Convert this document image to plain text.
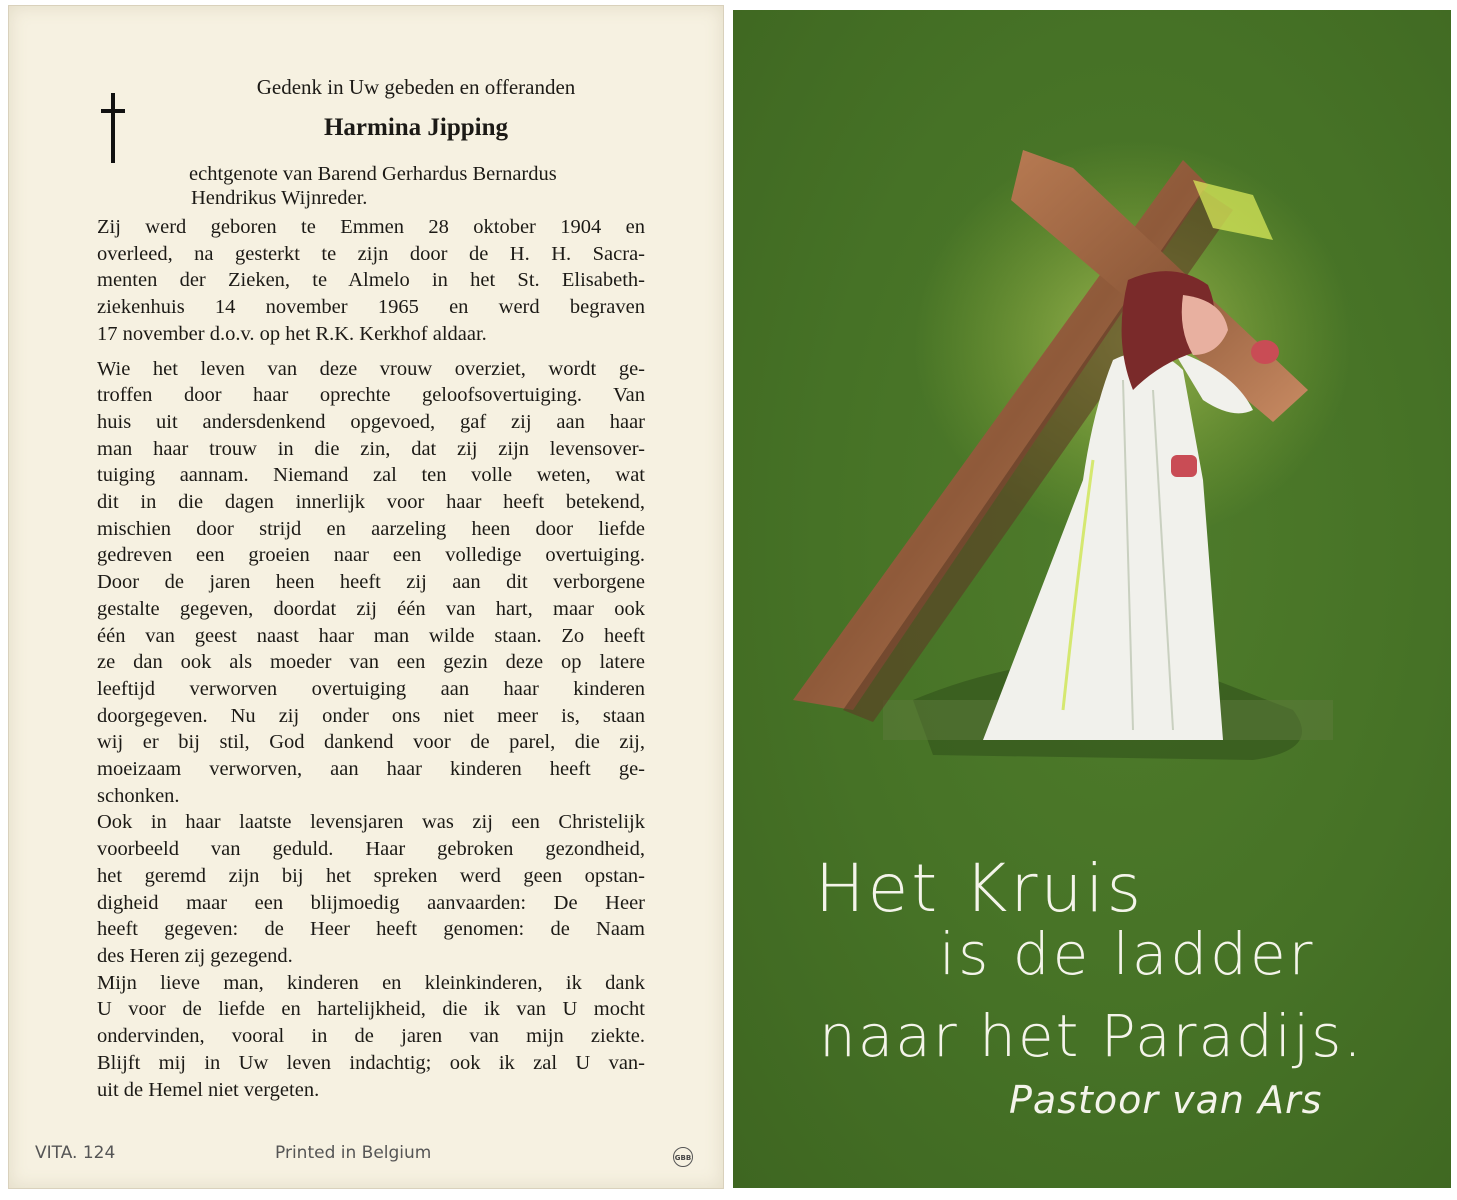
Gedenk in Uw gebeden en offeranden
Harmina Jipping
echtgenote van Barend Gerhardus Bernardus
Hendrikus Wijnreder.

Zij werd geboren te Emmen 28 oktober 1904 en
overleed, na gesterkt te zijn door de H. H. Sacra-
menten der Zieken, te Almelo in het St. Elisabeth-
ziekenhuis 14 november 1965 en werd begraven
17 november d.o.v. op het R.K. Kerkhof aldaar.

Wie het leven van deze vrouw overziet, wordt ge-
troffen door haar oprechte geloofsovertuiging. Van
huis uit andersdenkend opgevoed, gaf zij aan haar
man haar trouw in die zin, dat zij zijn levensover-
tuiging aannam. Niemand zal ten volle weten, wat
dit in die dagen innerlijk voor haar heeft betekend,
mischien door strijd en aarzeling heen door liefde
gedreven een groeien naar een volledige overtuiging.
Door de jaren heen heeft zij aan dit verborgene
gestalte gegeven, doordat zij één van hart, maar ook
één van geest naast haar man wilde staan. Zo heeft
ze dan ook als moeder van een gezin deze op latere
leeftijd verworven overtuiging aan haar kinderen
doorgegeven. Nu zij onder ons niet meer is, staan
wij er bij stil, God dankend voor de parel, die zij,
moeizaam verworven, aan haar kinderen heeft ge-
schonken.

Ook in haar laatste levensjaren was zij een Christelijk
voorbeeld van geduld. Haar gebroken gezondheid,
het geremd zijn bij het spreken werd geen opstan-
digheid maar een blijmoedig aanvaarden: De Heer
heeft gegeven: de Heer heeft genomen: de Naam
des Heren zij gezegend.

Mijn lieve man, kinderen en kleinkinderen, ik dank
U voor de liefde en hartelijkheid, die ik van U mocht
ondervinden, vooral in de jaren van mijn ziekte.
Blijft mij in Uw leven indachtig; ook ik zal U van-
uit de Hemel niet vergeten.

VITA. 124	Printed in Belgium	GBB
Het Kruis
is de ladder
naar het Paradijs.
Pastoor van Ars
